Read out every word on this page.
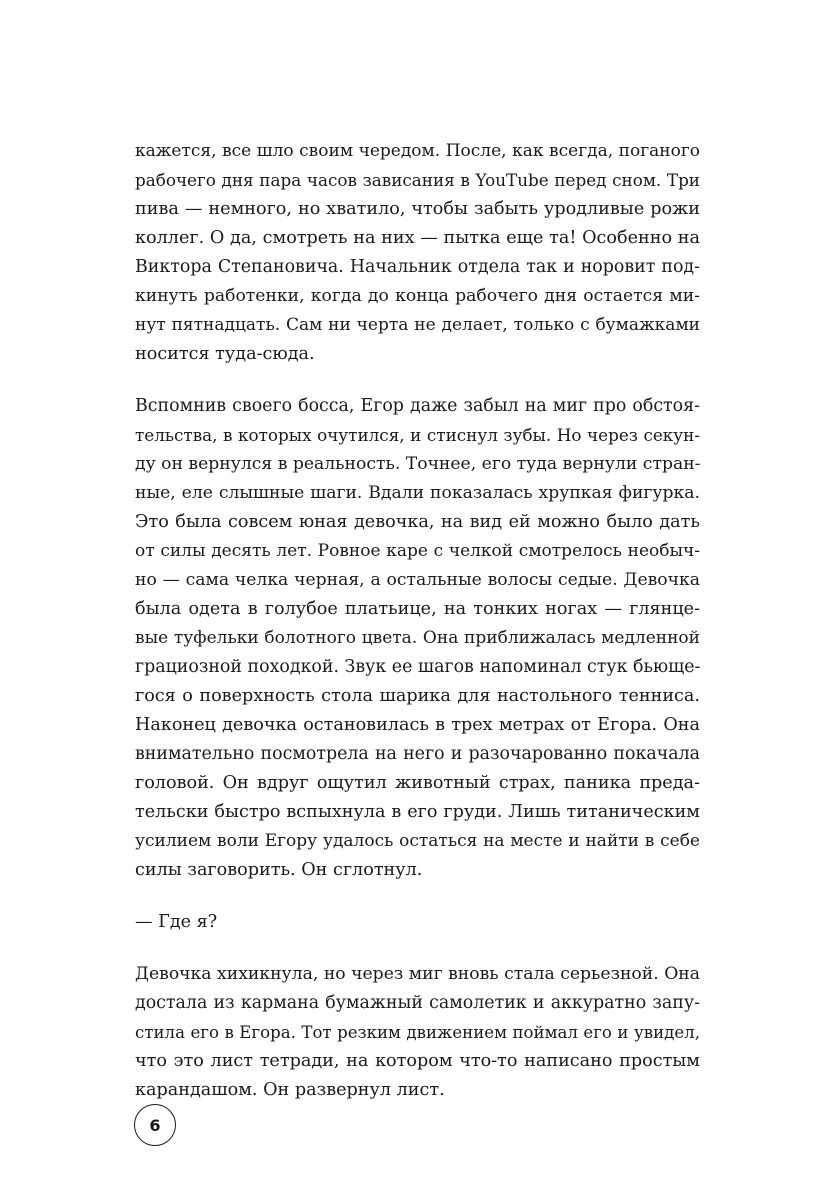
кажется, все шло своим чередом. После, как всегда, поганого
рабочего дня пара часов зависания в YouTube перед сном. Три
пива — немного, но хватило, чтобы забыть уродливые рожи
коллег. О да, смотреть на них — пытка еще та! Особенно на
Виктора Степановича. Начальник отдела так и норовит под-
кинуть работенки, когда до конца рабочего дня остается ми-
нут пятнадцать. Сам ни черта не делает, только с бумажками
носится туда-сюда.

Вспомнив своего босса, Егор даже забыл на миг про обстоя-
тельства, в которых очутился, и стиснул зубы. Но через секун-
ду он вернулся в реальность. Точнее, его туда вернули стран-
ные, еле слышные шаги. Вдали показалась хрупкая фигурка.
Это была совсем юная девочка, на вид ей можно было дать
от силы десять лет. Ровное каре с челкой смотрелось необыч-
но — сама челка черная, а остальные волосы седые. Девочка
была одета в голубое платьице, на тонких ногах — глянце-
вые туфельки болотного цвета. Она приближалась медленной
грациозной походкой. Звук ее шагов напоминал стук бьюще-
гося о поверхность стола шарика для настольного тенниса.
Наконец девочка остановилась в трех метрах от Егора. Она
внимательно посмотрела на него и разочарованно покачала
головой. Он вдруг ощутил животный страх, паника преда-
тельски быстро вспыхнула в его груди. Лишь титаническим
усилием воли Егору удалось остаться на месте и найти в себе
силы заговорить. Он сглотнул.

— Где я?

Девочка хихикнула, но через миг вновь стала серьезной. Она
достала из кармана бумажный самолетик и аккуратно запу-
стила его в Егора. Тот резким движением поймал его и увидел,
что это лист тетради, на котором что-то написано простым
карандашом. Он развернул лист.

6
